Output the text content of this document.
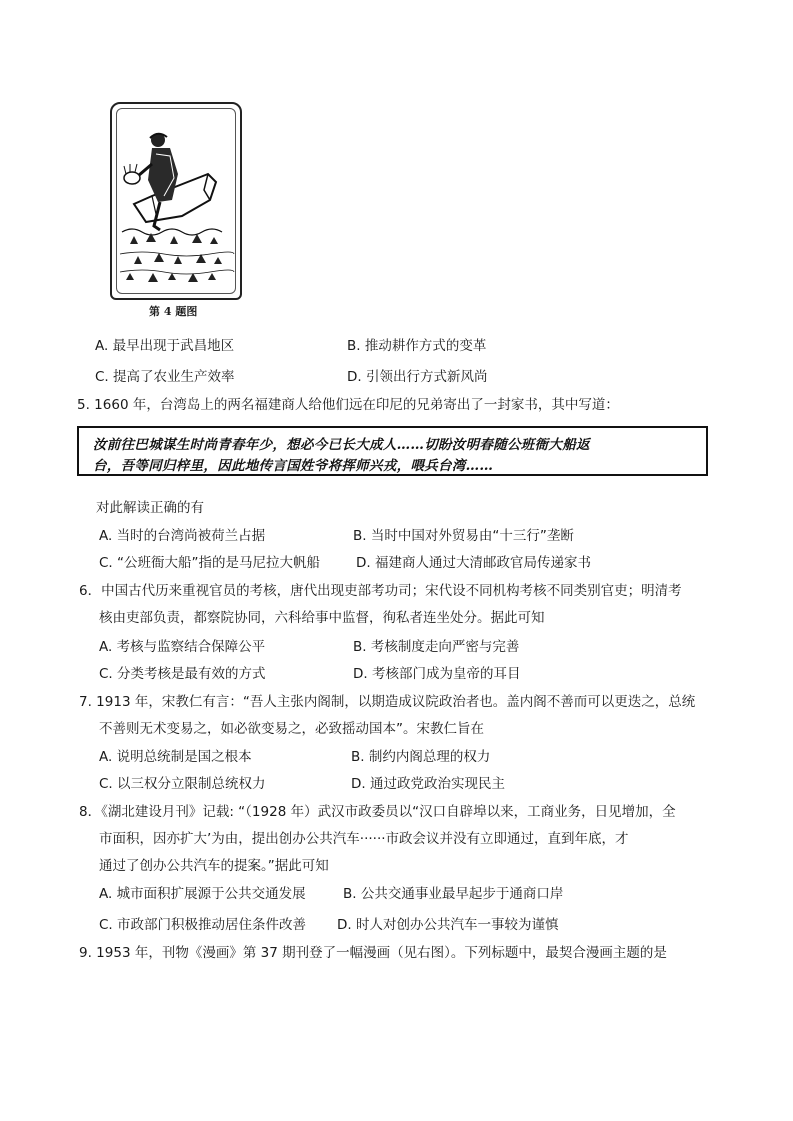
第 4 题图
A. 最早出现于武昌地区	B. 推动耕作方式的变革
C. 提高了农业生产效率	D. 引领出行方式新风尚
5. 1660 年，台湾岛上的两名福建商人给他们远在印尼的兄弟寄出了一封家书，其中写道：
汝前往巴城谋生时尚青春年少，想必今已长大成人……切盼汝明春随公班衙大船返
台，吾等同归梓里，因此地传言国姓爷将挥师兴戎，喂兵台湾……
对此解读正确的有
A. 当时的台湾尚被荷兰占据	B. 当时中国对外贸易由“十三行”垄断
C. “公班衙大船”指的是马尼拉大帆船	D. 福建商人通过大清邮政官局传递家书
6．中国古代历来重视官员的考核，唐代出现吏部考功司；宋代设不同机构考核不同类别官吏；明清考
核由吏部负责，都察院协同，六科给事中监督，徇私者连坐处分。据此可知
A. 考核与监察结合保障公平	B. 考核制度走向严密与完善
C. 分类考核是最有效的方式	D. 考核部门成为皇帝的耳目
7. 1913 年，宋教仁有言：“吾人主张内阁制，以期造成议院政治者也。盖内阁不善而可以更迭之，总统
不善则无术变易之，如必欲变易之，必致摇动国本”。宋教仁旨在
A. 说明总统制是国之根本	B. 制约内阁总理的权力
C. 以三权分立限制总统权力	D. 通过政党政治实现民主
8．《湖北建设月刊》记载: “（1928 年）武汉市政委员以“汉口自辟埠以来，工商业务，日见增加，全
市面积，因亦扩大’为由，提出创办公共汽车······市政会议并没有立即通过，直到年底，才
通过了创办公共汽车的提案。”据此可知
A. 城市面积扩展源于公共交通发展	B. 公共交通事业最早起步于通商口岸
C. 市政部门积极推动居住条件改善 D. 时人对创办公共汽车一事较为谨慎
9. 1953 年，刊物《漫画》第 37 期刊登了一幅漫画（见右图）。下列标题中，最契合漫画主题的是
